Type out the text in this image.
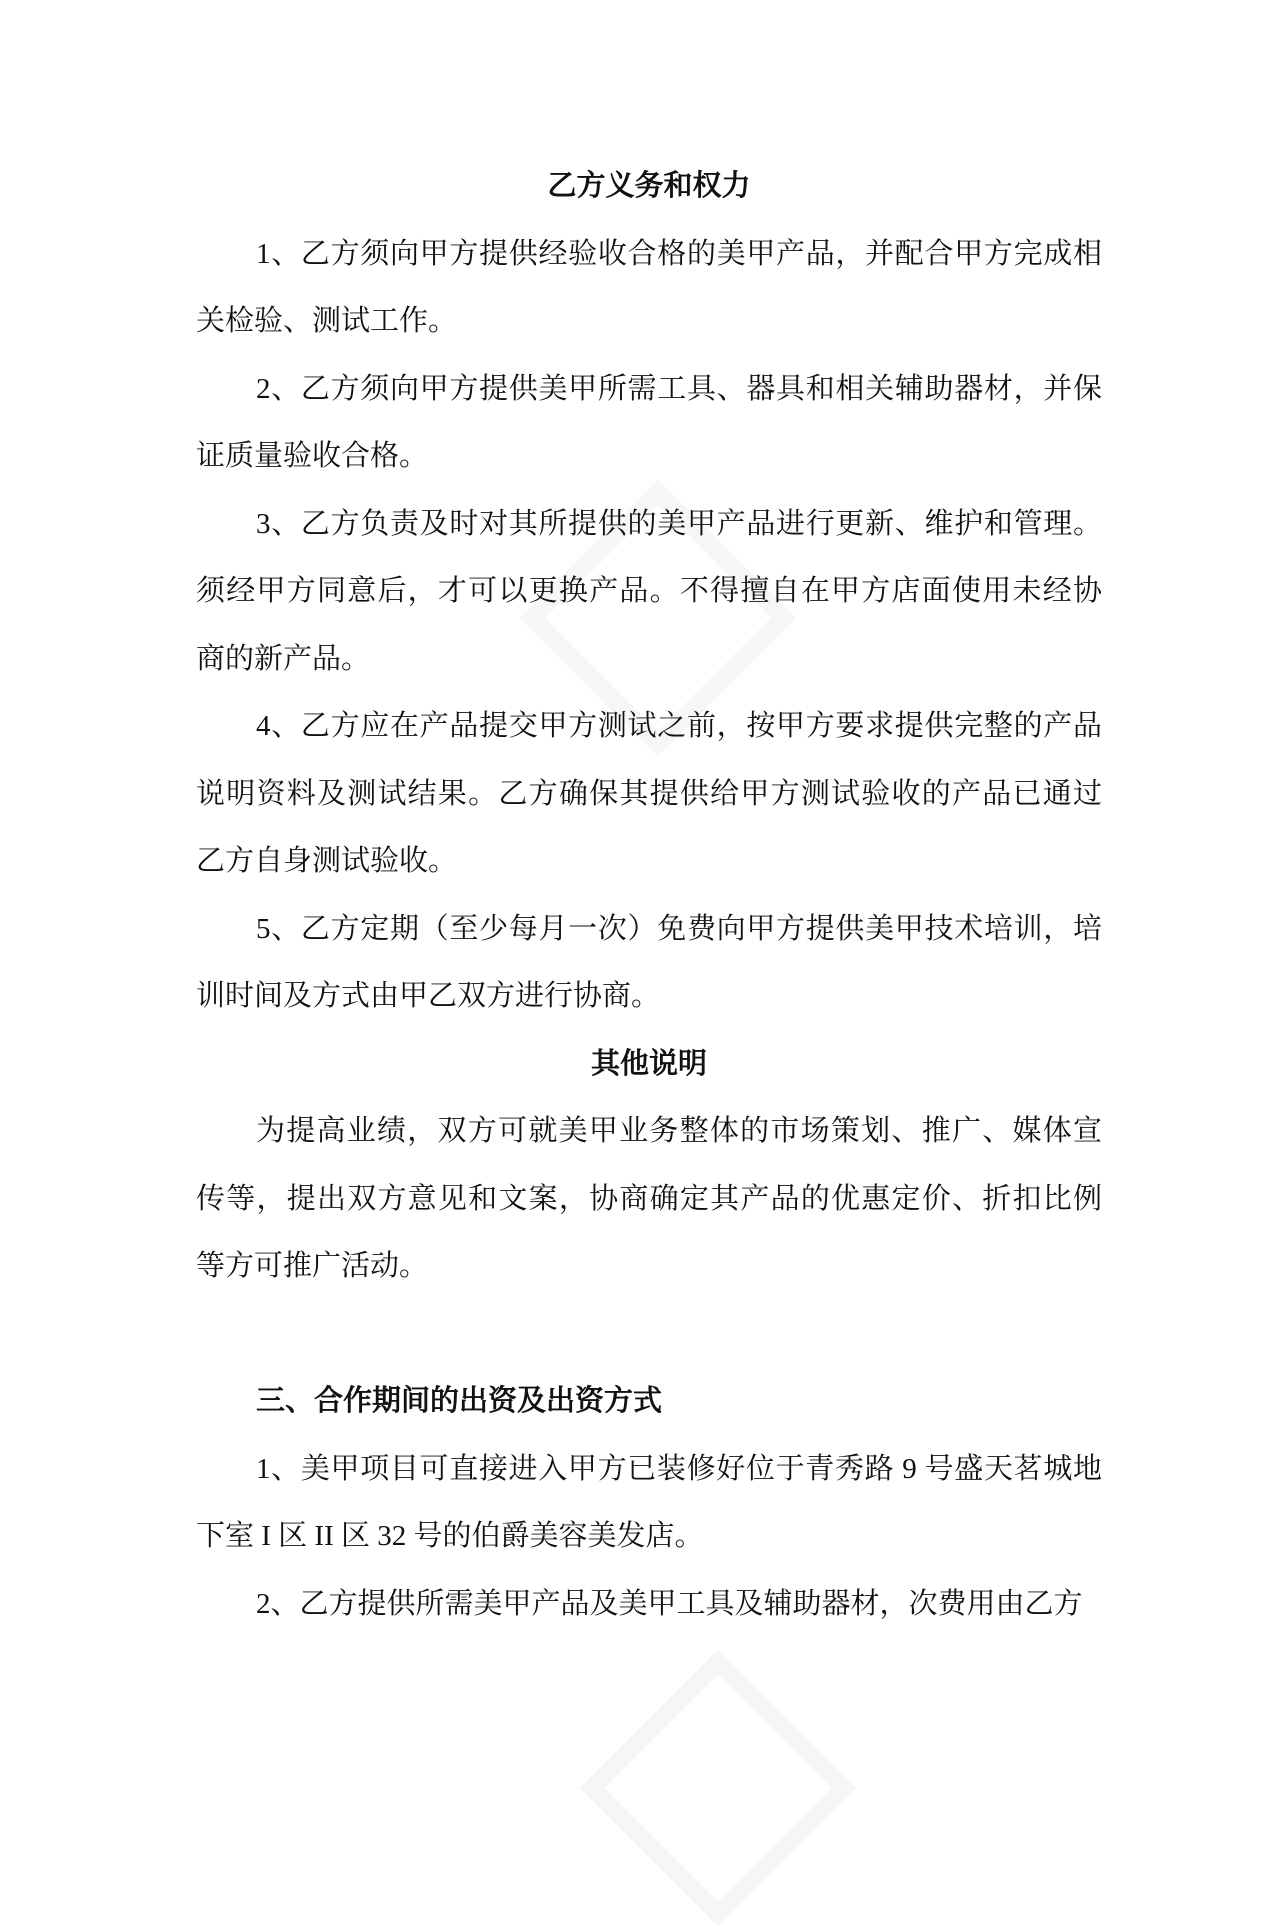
乙方义务和权力
1、乙方须向甲方提供经验收合格的美甲产品，并配合甲方完成相
关检验、测试工作。
2、乙方须向甲方提供美甲所需工具、器具和相关辅助器材，并保
证质量验收合格。
3、乙方负责及时对其所提供的美甲产品进行更新、维护和管理。
须经甲方同意后，才可以更换产品。不得擅自在甲方店面使用未经协
商的新产品。
4、乙方应在产品提交甲方测试之前，按甲方要求提供完整的产品
说明资料及测试结果。乙方确保其提供给甲方测试验收的产品已通过
乙方自身测试验收。
5、乙方定期（至少每月一次）免费向甲方提供美甲技术培训，培
训时间及方式由甲乙双方进行协商。
其他说明
为提高业绩，双方可就美甲业务整体的市场策划、推广、媒体宣
传等，提出双方意见和文案，协商确定其产品的优惠定价、折扣比例
等方可推广活动。
三、合作期间的出资及出资方式
1、美甲项目可直接进入甲方已装修好位于青秀路 9 号盛天茗城地
下室 I 区 II 区 32 号的伯爵美容美发店。
2、乙方提供所需美甲产品及美甲工具及辅助器材，次费用由乙方
